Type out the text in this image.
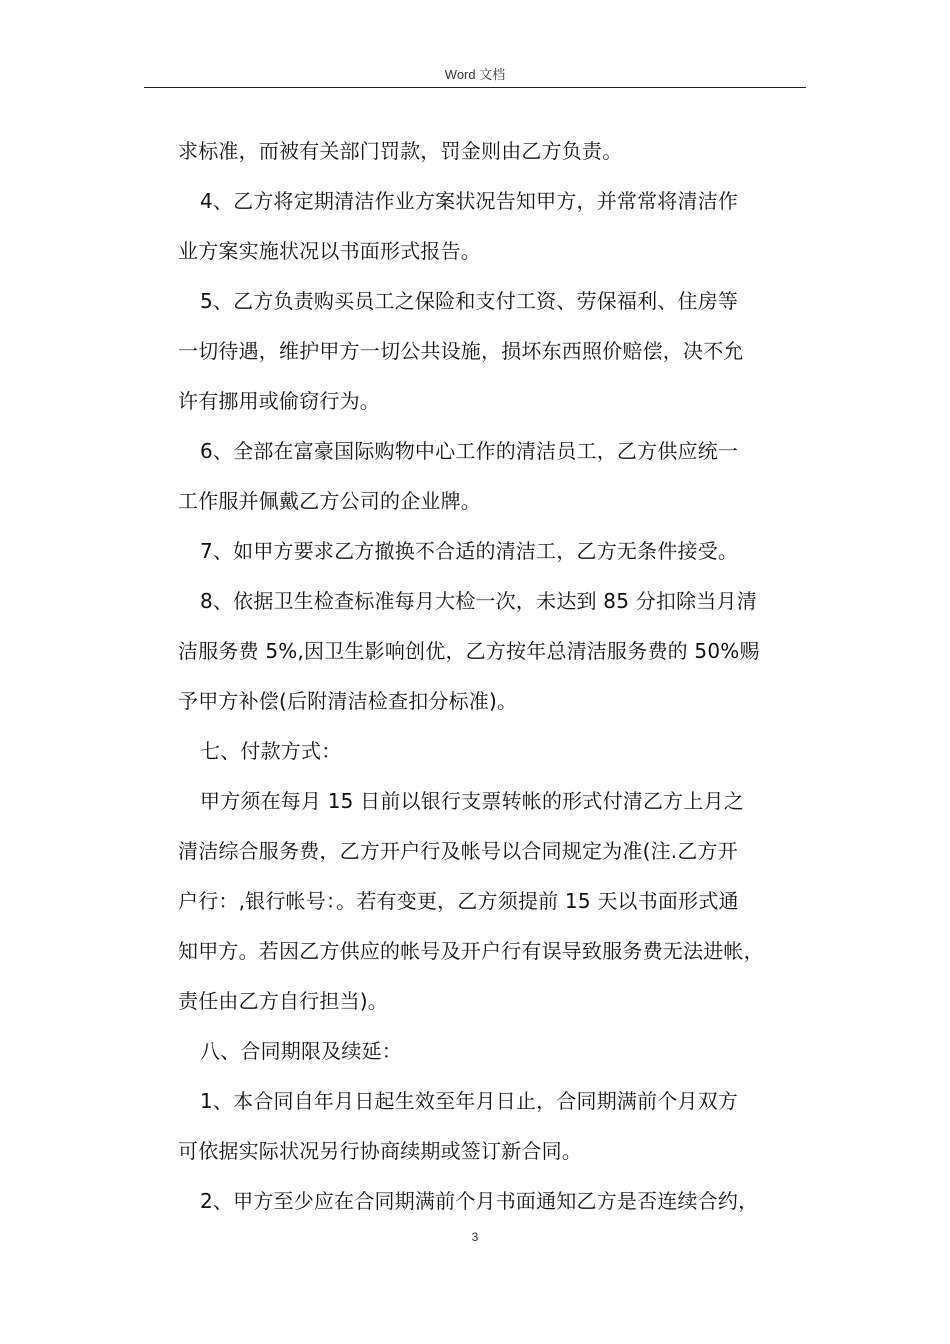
Word 文档
求标准，而被有关部门罚款，罚金则由乙方负责。
4、乙方将定期清洁作业方案状况告知甲方，并常常将清洁作
业方案实施状况以书面形式报告。
5、乙方负责购买员工之保险和支付工资、劳保福利、住房等
一切待遇，维护甲方一切公共设施，损坏东西照价赔偿，决不允
许有挪用或偷窃行为。
6、全部在富豪国际购物中心工作的清洁员工，乙方供应统一
工作服并佩戴乙方公司的企业牌。
7、如甲方要求乙方撤换不合适的清洁工，乙方无条件接受。
8、依据卫生检查标准每月大检一次，未达到 85 分扣除当月清
洁服务费 5%,因卫生影响创优，乙方按年总清洁服务费的 50%赐
予甲方补偿(后附清洁检查扣分标准)。
七、付款方式：
甲方须在每月 15 日前以银行支票转帐的形式付清乙方上月之
清洁综合服务费，乙方开户行及帐号以合同规定为准(注.乙方开
户行：,银行帐号：。若有变更，乙方须提前 15 天以书面形式通
知甲方。若因乙方供应的帐号及开户行有误导致服务费无法进帐，
责任由乙方自行担当)。
八、合同期限及续延：
1、本合同自年月日起生效至年月日止，合同期满前个月双方
可依据实际状况另行协商续期或签订新合同。
2、甲方至少应在合同期满前个月书面通知乙方是否连续合约，
3
